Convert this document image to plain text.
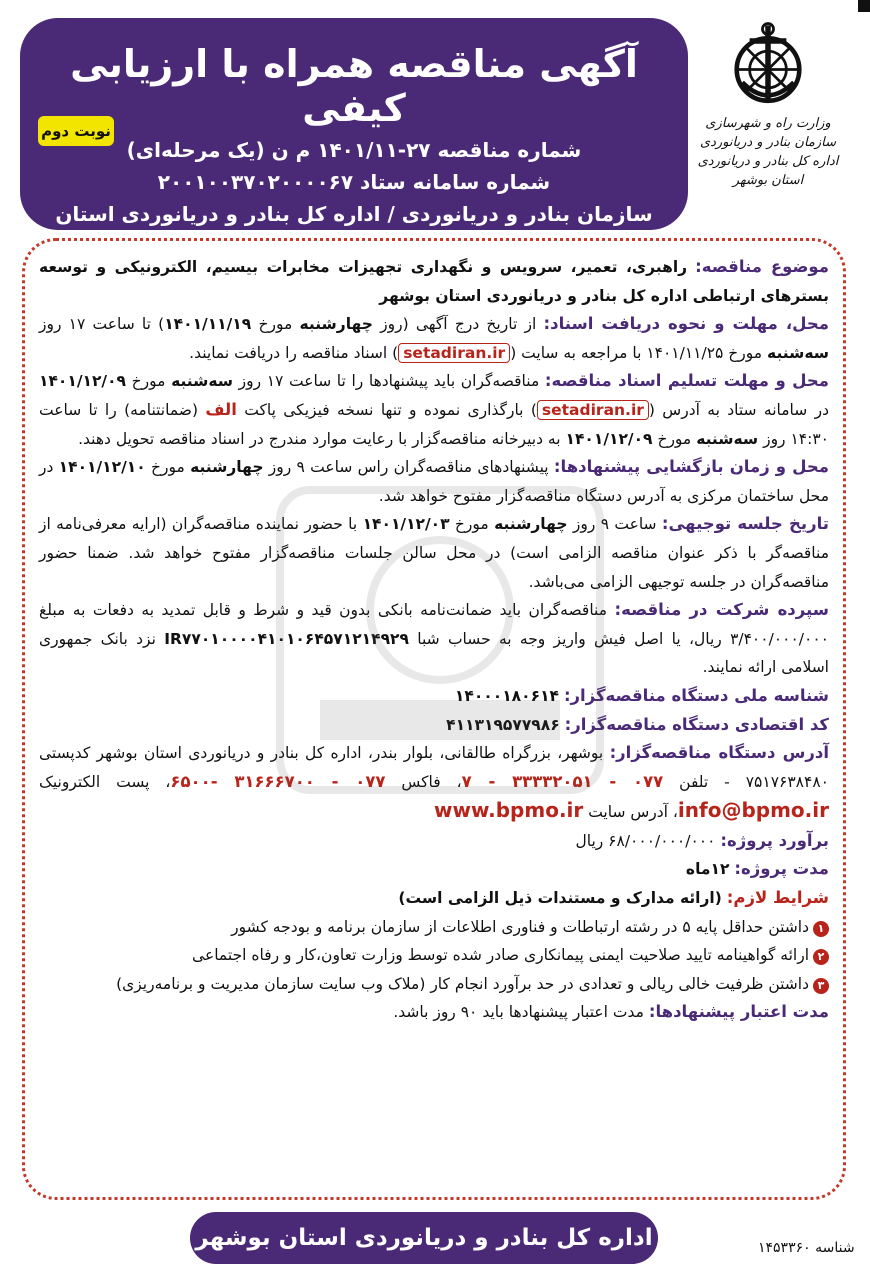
وزارت راه و شهرسازی
سازمان بنادر و دریانوردی
اداره کل بنادر و دریانوردی استان بوشهر
آگهی مناقصه همراه با ارزیابی کیفی
شماره مناقصه ۲۷-۱۴۰۱/۱۱ م ن (یک مرحله‌ای)
شماره سامانه ستاد ۲۰۰۱۰۰۳۷۰۲۰۰۰۰۶۷
سازمان بنادر و دریانوردی / اداره کل بنادر و دریانوردی استان بوشهر
نوبت دوم

موضوع مناقصه: راهبری، تعمیر، سرویس و نگهداری تجهیزات مخابرات بیسیم، الکترونیکی و توسعه بسترهای ارتباطی اداره کل بنادر و دریانوردی استان بوشهر

محل، مهلت و نحوه دریافت اسناد: از تاریخ درج آگهی (روز چهارشنبه مورخ ۱۴۰۱/۱۱/۱۹) تا ساعت ۱۷ روز سه‌شنبه مورخ ۱۴۰۱/۱۱/۲۵ با مراجعه به سایت (setadiran.ir) اسناد مناقصه را دریافت نمایند.

محل و مهلت تسلیم اسناد مناقصه: مناقصه‌گران باید پیشنهادها را تا ساعت ۱۷ روز سه‌شنبه مورخ ۱۴۰۱/۱۲/۰۹ در سامانه ستاد به آدرس (setadiran.ir) بارگذاری نموده و تنها نسخه فیزیکی پاکت الف (ضمانتنامه) را تا ساعت ۱۴:۳۰ روز سه‌شنبه مورخ ۱۴۰۱/۱۲/۰۹ به دبیرخانه مناقصه‌گزار با رعایت موارد مندرج در اسناد مناقصه تحویل دهند.

محل و زمان بازگشایی پیشنهادها: پیشنهادهای مناقصه‌گران راس ساعت ۹ روز چهارشنبه مورخ ۱۴۰۱/۱۲/۱۰ در محل ساختمان مرکزی به آدرس دستگاه مناقصه‌گزار مفتوح خواهد شد.

تاریخ جلسه توجیهی: ساعت ۹ روز چهارشنبه مورخ ۱۴۰۱/۱۲/۰۳ با حضور نماینده مناقصه‌گران (ارایه معرفی‌نامه از مناقصه‌گر با ذکر عنوان مناقصه الزامی است) در محل سالن جلسات مناقصه‌گزار مفتوح خواهد شد. ضمنا حضور مناقصه‌گران در جلسه توجیهی الزامی می‌باشد.

سپرده شرکت در مناقصه: مناقصه‌گران باید ضمانت‌نامه بانکی بدون قید و شرط و قابل تمدید به دفعات به مبلغ ۳/۴۰۰/۰۰۰/۰۰۰ ریال، یا اصل فیش واریز وجه به حساب شبا IR۷۷۰۱۰۰۰۰۴۱۰۱۰۶۴۵۷۱۲۱۴۹۲۹ نزد بانک جمهوری اسلامی ارائه نمایند.

شناسه ملی دستگاه مناقصه‌گزار: ۱۴۰۰۰۱۸۰۶۱۴

کد اقتصادی دستگاه مناقصه‌گزار: ۴۱۱۳۱۹۵۷۷۹۸۶

آدرس دستگاه مناقصه‌گزار: بوشهر، بزرگراه طالقانی، بلوار بندر، اداره کل بنادر و دریانوردی استان بوشهر کدپستی ۷۵۱۷۶۳۸۴۸۰ - تلفن ۰۷۷ - ۳۳۳۳۲۰۵۱ - ۷، فاکس ۰۷۷ - ۳۱۶۶۶۷۰۰ -۶۵۰۰، پست الکترونیک info@bpmo.ir، آدرس سایت www.bpmo.ir

برآورد پروژه: ۶۸/۰۰۰/۰۰۰/۰۰۰ ریال

مدت پروژه: ۱۲ماه

شرایط لازم: (ارائه مدارک و مستندات ذیل الزامی است)

۱داشتن حداقل پایه ۵ در رشته ارتباطات و فناوری اطلاعات از سازمان برنامه و بودجه کشور

۲ارائه گواهینامه تایید صلاحیت ایمنی پیمانکاری صادر شده توسط وزارت تعاون،کار و رفاه اجتماعی

۳داشتن ظرفیت خالی ریالی و تعدادی در حد برآورد انجام کار (ملاک وب سایت سازمان مدیریت و برنامه‌ریزی)

مدت اعتبار پیشنهادها: مدت اعتبار پیشنهادها باید ۹۰ روز باشد.

اداره کل بنادر و دریانوردی استان بوشهر	شناسه ۱۴۵۳۳۶۰
